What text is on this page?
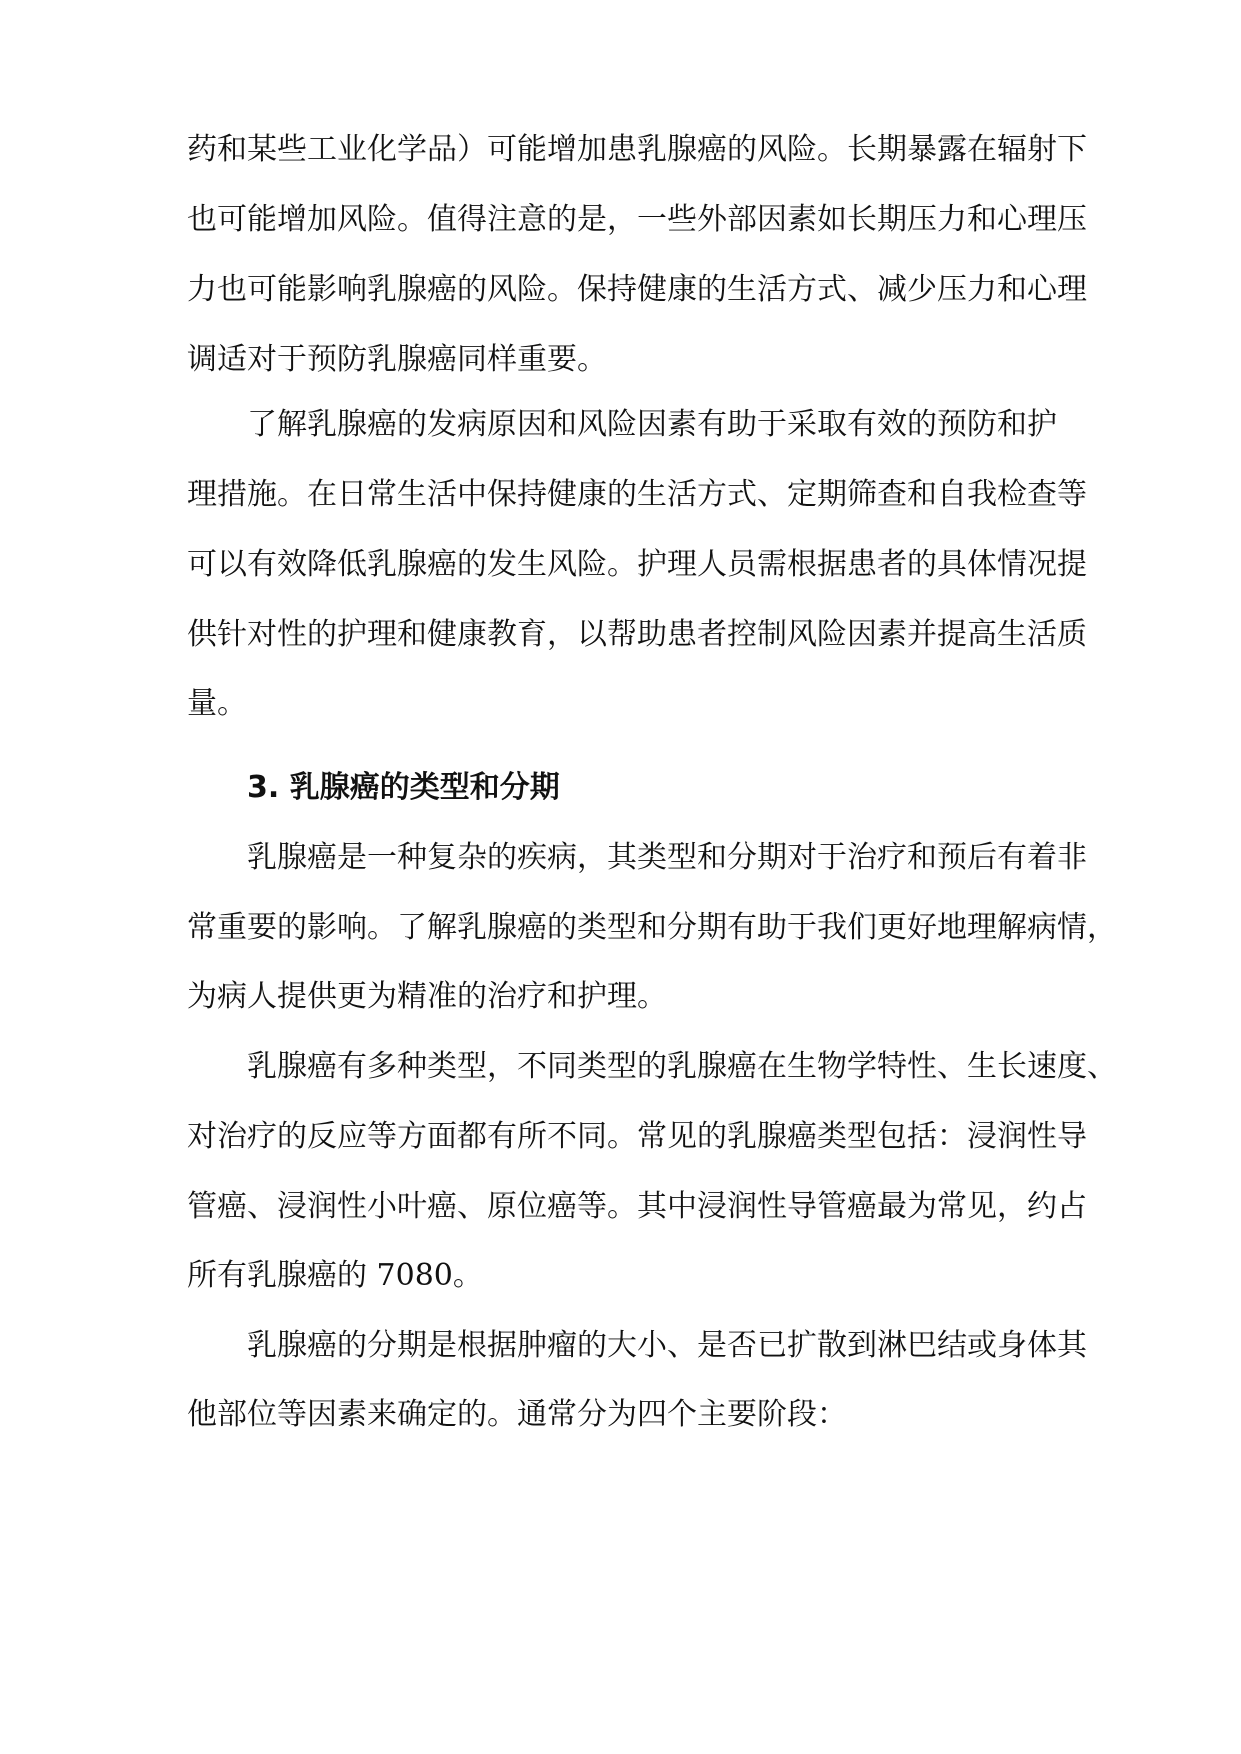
药和某些工业化学品）可能增加患乳腺癌的风险。长期暴露在辐射下
也可能增加风险。值得注意的是，一些外部因素如长期压力和心理压
力也可能影响乳腺癌的风险。保持健康的生活方式、减少压力和心理
调适对于预防乳腺癌同样重要。
了解乳腺癌的发病原因和风险因素有助于采取有效的预防和护
理措施。在日常生活中保持健康的生活方式、定期筛查和自我检查等
可以有效降低乳腺癌的发生风险。护理人员需根据患者的具体情况提
供针对性的护理和健康教育，以帮助患者控制风险因素并提高生活质
量。
3. 乳腺癌的类型和分期
乳腺癌是一种复杂的疾病，其类型和分期对于治疗和预后有着非
常重要的影响。了解乳腺癌的类型和分期有助于我们更好地理解病情，
为病人提供更为精准的治疗和护理。
乳腺癌有多种类型，不同类型的乳腺癌在生物学特性、生长速度、
对治疗的反应等方面都有所不同。常见的乳腺癌类型包括：浸润性导
管癌、浸润性小叶癌、原位癌等。其中浸润性导管癌最为常见，约占
所有乳腺癌的 7080。
乳腺癌的分期是根据肿瘤的大小、是否已扩散到淋巴结或身体其
他部位等因素来确定的。通常分为四个主要阶段：
